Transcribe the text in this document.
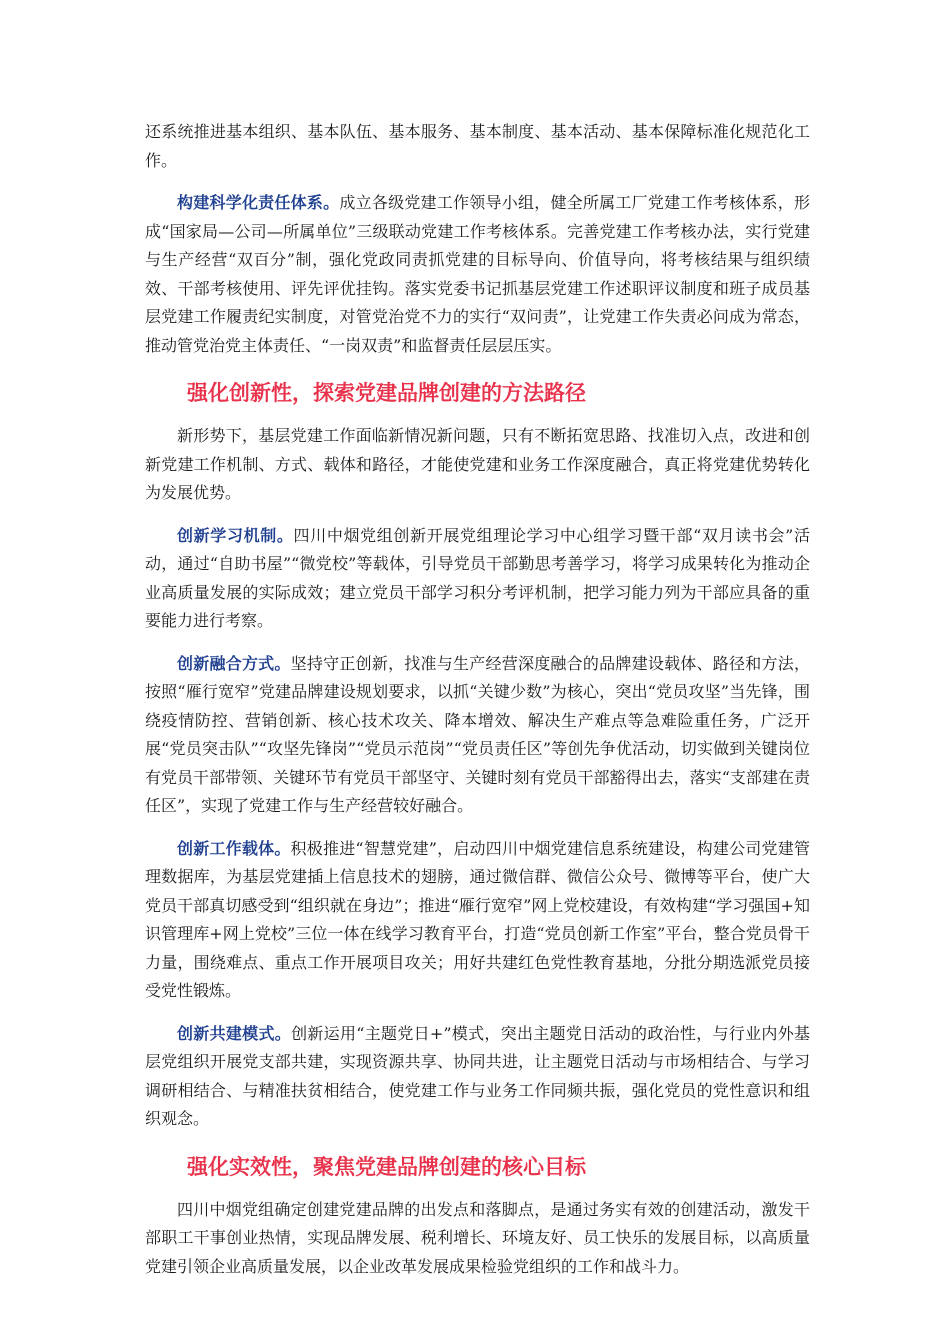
还系统推进基本组织、基本队伍、基本服务、基本制度、基本活动、基本保障标准化规范化工作。

构建科学化责任体系。成立各级党建工作领导小组，健全所属工厂党建工作考核体系，形成“国家局—公司—所属单位”三级联动党建工作考核体系。完善党建工作考核办法，实行党建与生产经营“双百分”制，强化党政同责抓党建的目标导向、价值导向，将考核结果与组织绩效、干部考核使用、评先评优挂钩。落实党委书记抓基层党建工作述职评议制度和班子成员基层党建工作履责纪实制度，对管党治党不力的实行“双问责”，让党建工作失责必问成为常态，推动管党治党主体责任、“一岗双责”和监督责任层层压实。

强化创新性，探索党建品牌创建的方法路径

新形势下，基层党建工作面临新情况新问题，只有不断拓宽思路、找准切入点，改进和创新党建工作机制、方式、载体和路径，才能使党建和业务工作深度融合，真正将党建优势转化为发展优势。

创新学习机制。四川中烟党组创新开展党组理论学习中心组学习暨干部“双月读书会”活动，通过“自助书屋”“微党校”等载体，引导党员干部勤思考善学习，将学习成果转化为推动企业高质量发展的实际成效；建立党员干部学习积分考评机制，把学习能力列为干部应具备的重要能力进行考察。

创新融合方式。坚持守正创新，找准与生产经营深度融合的品牌建设载体、路径和方法，按照“雁行宽窄”党建品牌建设规划要求，以抓“关键少数”为核心，突出“党员攻坚”当先锋，围绕疫情防控、营销创新、核心技术攻关、降本增效、解决生产难点等急难险重任务，广泛开展“党员突击队”“攻坚先锋岗”“党员示范岗”“党员责任区”等创先争优活动，切实做到关键岗位有党员干部带领、关键环节有党员干部坚守、关键时刻有党员干部豁得出去，落实“支部建在责任区”，实现了党建工作与生产经营较好融合。

创新工作载体。积极推进“智慧党建”，启动四川中烟党建信息系统建设，构建公司党建管理数据库，为基层党建插上信息技术的翅膀，通过微信群、微信公众号、微博等平台，使广大党员干部真切感受到“组织就在身边”；推进“雁行宽窄”网上党校建设，有效构建“学习强国+知识管理库+网上党校”三位一体在线学习教育平台，打造“党员创新工作室”平台，整合党员骨干力量，围绕难点、重点工作开展项目攻关；用好共建红色党性教育基地，分批分期选派党员接受党性锻炼。

创新共建模式。创新运用“主题党日+”模式，突出主题党日活动的政治性，与行业内外基层党组织开展党支部共建，实现资源共享、协同共进，让主题党日活动与市场相结合、与学习调研相结合、与精准扶贫相结合，使党建工作与业务工作同频共振，强化党员的党性意识和组织观念。

强化实效性，聚焦党建品牌创建的核心目标

四川中烟党组确定创建党建品牌的出发点和落脚点，是通过务实有效的创建活动，激发干部职工干事创业热情，实现品牌发展、税利增长、环境友好、员工快乐的发展目标，以高质量党建引领企业高质量发展，以企业改革发展成果检验党组织的工作和战斗力。
